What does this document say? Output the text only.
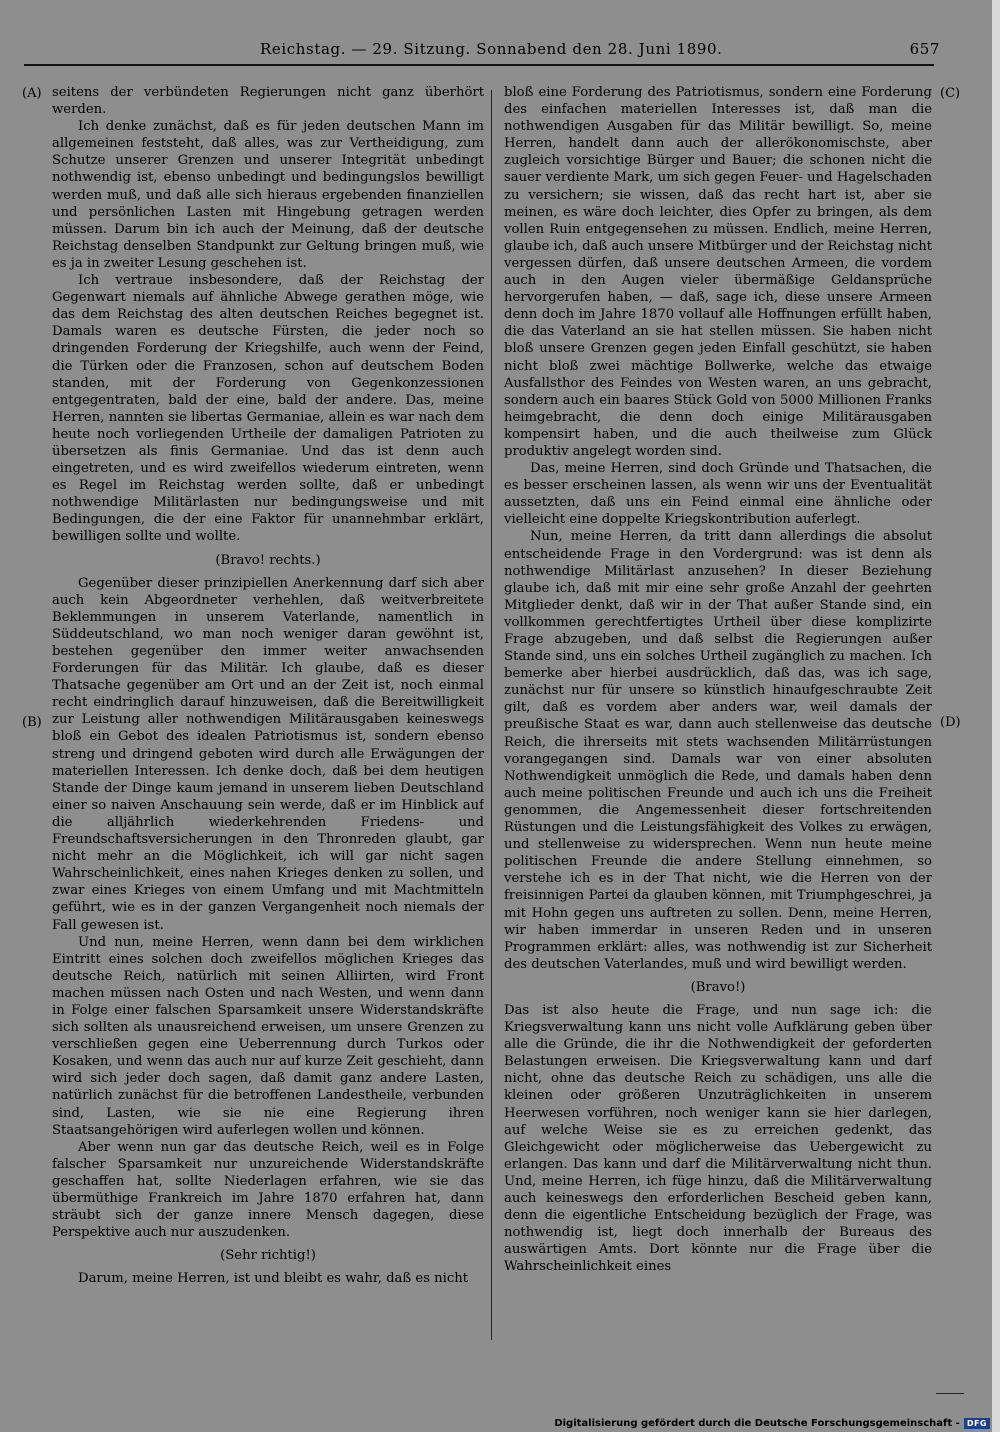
Reichstag. — 29. Sitzung. Sonnabend den 28. Juni 1890.	657
(A)
(B)
(C)
(D)

seitens der verbündeten Regierungen nicht ganz überhört werden.

Ich denke zunächst, daß es für jeden deutschen Mann im allgemeinen feststeht, daß alles, was zur Vertheidigung, zum Schutze unserer Grenzen und unserer Integrität unbedingt nothwendig ist, ebenso unbedingt und bedingungslos bewilligt werden muß, und daß alle sich hieraus ergebenden finanziellen und persönlichen Lasten mit Hingebung getragen werden müssen. Darum bin ich auch der Meinung, daß der deutsche Reichstag denselben Standpunkt zur Geltung bringen muß, wie es ja in zweiter Lesung geschehen ist.

Ich vertraue insbesondere, daß der Reichstag der Gegenwart niemals auf ähnliche Abwege gerathen möge, wie das dem Reichstag des alten deutschen Reiches begegnet ist. Damals waren es deutsche Fürsten, die jeder noch so dringenden Forderung der Kriegshilfe, auch wenn der Feind, die Türken oder die Franzosen, schon auf deutschem Boden standen, mit der Forderung von Gegenkonzessionen entgegentraten, bald der eine, bald der andere. Das, meine Herren, nannten sie libertas Germaniae, allein es war nach dem heute noch vorliegenden Urtheile der damaligen Patrioten zu übersetzen als finis Germaniae. Und das ist denn auch eingetreten, und es wird zweifellos wiederum eintreten, wenn es Regel im Reichstag werden sollte, daß er unbedingt nothwendige Militärlasten nur bedingungsweise und mit Bedingungen, die der eine Faktor für unannehmbar erklärt, bewilligen sollte und wollte.

(Bravo! rechts.)

Gegenüber dieser prinzipiellen Anerkennung darf sich aber auch kein Abgeordneter verhehlen, daß weitverbreitete Beklemmungen in unserem Vaterlande, namentlich in Süddeutschland, wo man noch weniger daran gewöhnt ist, bestehen gegenüber den immer weiter anwachsenden Forderungen für das Militär. Ich glaube, daß es dieser Thatsache gegenüber am Ort und an der Zeit ist, noch einmal recht eindringlich darauf hinzuweisen, daß die Bereitwilligkeit zur Leistung aller nothwendigen Militärausgaben keineswegs bloß ein Gebot des idealen Patriotismus ist, sondern ebenso streng und dringend geboten wird durch alle Erwägungen der materiellen Interessen. Ich denke doch, daß bei dem heutigen Stande der Dinge kaum jemand in unserem lieben Deutschland einer so naiven Anschauung sein werde, daß er im Hinblick auf die alljährlich wiederkehrenden Friedens- und Freundschaftsversicherungen in den Thronreden glaubt, gar nicht mehr an die Möglichkeit, ich will gar nicht sagen Wahrscheinlichkeit, eines nahen Krieges denken zu sollen, und zwar eines Krieges von einem Umfang und mit Machtmitteln geführt, wie es in der ganzen Vergangenheit noch niemals der Fall gewesen ist.

Und nun, meine Herren, wenn dann bei dem wirklichen Eintritt eines solchen doch zweifellos möglichen Krieges das deutsche Reich, natürlich mit seinen Alliirten, wird Front machen müssen nach Osten und nach Westen, und wenn dann in Folge einer falschen Sparsamkeit unsere Widerstandskräfte sich sollten als unausreichend erweisen, um unsere Grenzen zu verschließen gegen eine Ueberrennung durch Turkos oder Kosaken, und wenn das auch nur auf kurze Zeit geschieht, dann wird sich jeder doch sagen, daß damit ganz andere Lasten, natürlich zunächst für die betroffenen Landestheile, verbunden sind, Lasten, wie sie nie eine Regierung ihren Staatsangehörigen wird auferlegen wollen und können.

Aber wenn nun gar das deutsche Reich, weil es in Folge falscher Sparsamkeit nur unzureichende Widerstandskräfte geschaffen hat, sollte Niederlagen erfahren, wie sie das übermüthige Frankreich im Jahre 1870 erfahren hat, dann sträubt sich der ganze innere Mensch dagegen, diese Perspektive auch nur auszudenken.

(Sehr richtig!)

Darum, meine Herren, ist und bleibt es wahr, daß es nicht

bloß eine Forderung des Patriotismus, sondern eine Forderung des einfachen materiellen Interesses ist, daß man die nothwendigen Ausgaben für das Militär bewilligt. So, meine Herren, handelt dann auch der allerökonomischste, aber zugleich vorsichtige Bürger und Bauer; die schonen nicht die sauer verdiente Mark, um sich gegen Feuer- und Hagelschaden zu versichern; sie wissen, daß das recht hart ist, aber sie meinen, es wäre doch leichter, dies Opfer zu bringen, als dem vollen Ruin entgegensehen zu müssen. Endlich, meine Herren, glaube ich, daß auch unsere Mitbürger und der Reichstag nicht vergessen dürfen, daß unsere deutschen Armeen, die vordem auch in den Augen vieler übermäßige Geldansprüche hervorgerufen haben, — daß, sage ich, diese unsere Armeen denn doch im Jahre 1870 vollauf alle Hoffnungen erfüllt haben, die das Vaterland an sie hat stellen müssen. Sie haben nicht bloß unsere Grenzen gegen jeden Einfall geschützt, sie haben nicht bloß zwei mächtige Bollwerke, welche das etwaige Ausfallsthor des Feindes von Westen waren, an uns gebracht, sondern auch ein baares Stück Gold von 5000 Millionen Franks heimgebracht, die denn doch einige Militärausgaben kompensirt haben, und die auch theilweise zum Glück produktiv angelegt worden sind.

Das, meine Herren, sind doch Gründe und Thatsachen, die es besser erscheinen lassen, als wenn wir uns der Eventualität aussetzten, daß uns ein Feind einmal eine ähnliche oder vielleicht eine doppelte Kriegskontribution auferlegt.

Nun, meine Herren, da tritt dann allerdings die absolut entscheidende Frage in den Vordergrund: was ist denn als nothwendige Militärlast anzusehen? In dieser Beziehung glaube ich, daß mit mir eine sehr große Anzahl der geehrten Mitglieder denkt, daß wir in der That außer Stande sind, ein vollkommen gerechtfertigtes Urtheil über diese komplizirte Frage abzugeben, und daß selbst die Regierungen außer Stande sind, uns ein solches Urtheil zugänglich zu machen. Ich bemerke aber hierbei ausdrücklich, daß das, was ich sage, zunächst nur für unsere so künstlich hinaufgeschraubte Zeit gilt, daß es vordem aber anders war, weil damals der preußische Staat es war, dann auch stellenweise das deutsche Reich, die ihrerseits mit stets wachsenden Militärrüstungen vorangegangen sind. Damals war von einer absoluten Nothwendigkeit unmöglich die Rede, und damals haben denn auch meine politischen Freunde und auch ich uns die Freiheit genommen, die Angemessenheit dieser fortschreitenden Rüstungen und die Leistungsfähigkeit des Volkes zu erwägen, und stellenweise zu widersprechen. Wenn nun heute meine politischen Freunde die andere Stellung einnehmen, so verstehe ich es in der That nicht, wie die Herren von der freisinnigen Partei da glauben können, mit Triumphgeschrei, ja mit Hohn gegen uns auftreten zu sollen. Denn, meine Herren, wir haben immerdar in unseren Reden und in unseren Programmen erklärt: alles, was nothwendig ist zur Sicherheit des deutschen Vaterlandes, muß und wird bewilligt werden.

(Bravo!)

Das ist also heute die Frage, und nun sage ich: die Kriegsverwaltung kann uns nicht volle Aufklärung geben über alle die Gründe, die ihr die Nothwendigkeit der geforderten Belastungen erweisen. Die Kriegsverwaltung kann und darf nicht, ohne das deutsche Reich zu schädigen, uns alle die kleinen oder größeren Unzuträglichkeiten in unserem Heerwesen vorführen, noch weniger kann sie hier darlegen, auf welche Weise sie es zu erreichen gedenkt, das Gleichgewicht oder möglicherweise das Uebergewicht zu erlangen. Das kann und darf die Militärverwaltung nicht thun. Und, meine Herren, ich füge hinzu, daß die Militärverwaltung auch keineswegs den erforderlichen Bescheid geben kann, denn die eigentliche Entscheidung bezüglich der Frage, was nothwendig ist, liegt doch innerhalb der Bureaus des auswärtigen Amts. Dort könnte nur die Frage über die Wahrscheinlichkeit eines

Digitalisierung gefördert durch die Deutsche Forschungsgemeinschaft - DFG
